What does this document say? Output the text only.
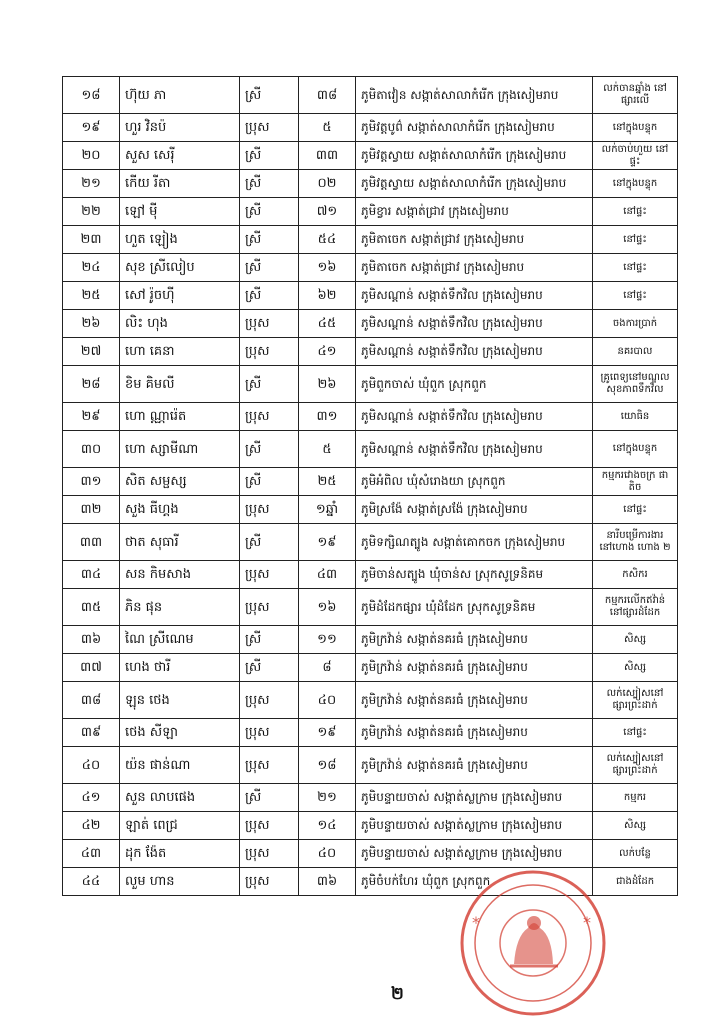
១៨	ហ៊ុយ ភា	ស្រី	៣៨	ភូមិតាវៀន សង្កាត់សាលាកំរើក ក្រុងសៀមរាប	លក់ចានឆ្នាំង នៅផ្សារលើ
១៩	ហួរ វិនប៉	ប្រុស	៥	ភូមិវត្តបូព៌ សង្កាត់សាលាកំរើក ក្រុងសៀមរាប	នៅក្នុងបន្ទុក
២០	សួស សេរ៉ី	ស្រី	៣៣	ភូមិវត្តស្វាយ សង្កាត់សាលាកំរើក ក្រុងសៀមរាប	លក់ចាប់ហួយ នៅផ្ទះ
២១	កើយ រីតា	ស្រី	០២	ភូមិវត្តស្វាយ សង្កាត់សាលាកំរើក ក្រុងសៀមរាប	នៅក្នុងបន្ទុក
២២	ឡៅ ម៉ី	ស្រី	៧១	ភូមិខ្វារ សង្កាត់ជ្រាវ ក្រុងសៀមរាប	នៅផ្ទះ
២៣	ហួត ឡៀង	ស្រី	៥៤	ភូមិតាចេក សង្កាត់ជ្រាវ ក្រុងសៀមរាប	នៅផ្ទះ
២៤	សុខ ស្រីលៀប	ស្រី	១៦	ភូមិតាចេក សង្កាត់ជ្រាវ ក្រុងសៀមរាប	នៅផ្ទះ
២៥	សៅ រ៉ូចហ៊ី	ស្រី	៦២	ភូមិសណ្ដាន់ សង្កាត់ទឹកវិល ក្រុងសៀមរាប	នៅផ្ទះ
២៦	លិះ ហុង	ប្រុស	៤៥	ភូមិសណ្ដាន់ សង្កាត់ទឹកវិល ក្រុងសៀមរាប	ចងការប្រាក់
២៧	ហោ គេនា	ប្រុស	៤១	ភូមិសណ្ដាន់ សង្កាត់ទឹកវិល ក្រុងសៀមរាប	នគរបាល
២៨	ខិម គិមលី	ស្រី	២៦	ភូមិពួកចាស់ ឃុំពួក ស្រុកពួក	គ្រូពេទ្យនៅមណ្ឌលសុខភាពទឹកវិល
២៩	ហោ ណ្ណារ៉េត	ប្រុស	៣១	ភូមិសណ្ដាន់ សង្កាត់ទឹកវិល ក្រុងសៀមរាប	យោធិន
៣០	ហោ ស្សាមីណា	ស្រី	៥	ភូមិសណ្ដាន់ សង្កាត់ទឹកវិល ក្រុងសៀមរាប	នៅក្នុងបន្ទុក
៣១	សិត សម្ផស្ស	ស្រី	២៥	ភូមិអំពិល ឃុំសំរោងយា ស្រុកពួក	កម្មករវោងចក្រ ផាតិច
៣២	សួង ធីហ្គង	ប្រុស	១ឆ្នាំ	ភូមិស្រង៉ែ សង្កាត់ស្រង៉ែ ក្រុងសៀមរាប	នៅផ្ទះ
៣៣	ថាត សុធារី	ស្រី	១៩	ភូមិទក្សិណត្បូង សង្កាត់គោកចក ក្រុងសៀមរាប	នារីបម្រើការងារ នៅហោង ហោង ២
៣៤	សន កិមសាង	ប្រុស	៤៣	ភូមិចាន់សត្បូង ឃុំចាន់ស ស្រុកសូទ្រនិគម	កសិករ
៣៥	ភិន ផុន	ប្រុស	១៦	ភូមិដំដែកផ្សារ ឃុំដំដែក ស្រុកសូទ្រនិគម	កម្មករលើកឥវ៉ាន់ នៅផ្សារដំដែក
៣៦	ណៃ ស្រីណេម	ស្រី	១១	ភូមិក្រវ៉ាន់ សង្កាត់នគរធំ ក្រុងសៀមរាប	សិស្ស
៣៧	ហេង ថារី	ស្រី	៨	ភូមិក្រវ៉ាន់ សង្កាត់នគរធំ ក្រុងសៀមរាប	សិស្ស
៣៨	ឡុន ថេង	ប្រុស	៤០	ភូមិក្រវ៉ាន់ សង្កាត់នគរធំ ក្រុងសៀមរាប	លក់ស្បៀសនៅ ផ្សារព្រះដាក់
៣៩	ថេង សីឡា	ប្រុស	១៩	ភូមិក្រវ៉ាន់ សង្កាត់នគរធំ ក្រុងសៀមរាប	នៅផ្ទះ
៤០	យ៉ន ផាន់ណា	ប្រុស	១៨	ភូមិក្រវ៉ាន់ សង្កាត់នគរធំ ក្រុងសៀមរាប	លក់ស្បៀសនៅ ផ្សារព្រះដាក់
៤១	សួន លាបផេង	ស្រី	២១	ភូមិបន្ទាយចាស់ សង្កាត់ស្លក្រាម ក្រុងសៀមរាប	កម្មករ
៤២	ឡាត់ ពេជ្រ	ប្រុស	១៤	ភូមិបន្ទាយចាស់ សង្កាត់ស្លក្រាម ក្រុងសៀមរាប	សិស្ស
៤៣	ដុក ង៉ែត	ប្រុស	៤០	ភូមិបន្ទាយចាស់ សង្កាត់ស្លក្រាម ក្រុងសៀមរាប	លក់បន្លែ
៤៤	លួម ហាន	ប្រុស	៣៦	ភូមិចំបក់ហែរ ឃុំពួក ស្រុកពួក	ជាងដំដែក
២
*
*
